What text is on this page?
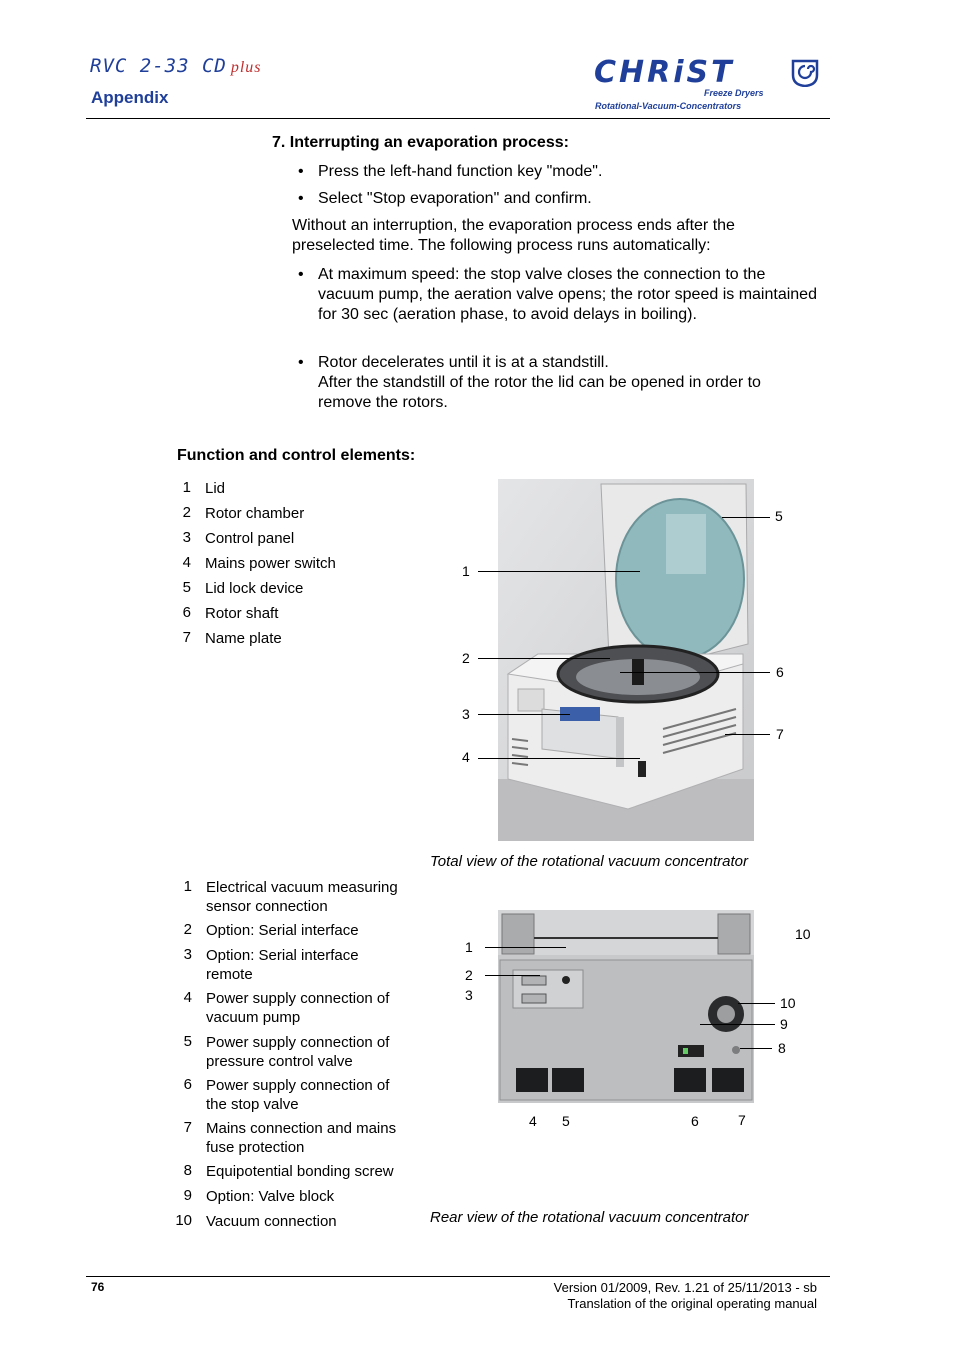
RVC 2-33 CD plus
Appendix
CHRiST
Freeze Dryers
Rotational-Vacuum-Concentrators
7. Interrupting an evaporation process:
• Press the left-hand function key "mode".
• Select "Stop evaporation" and confirm.
Without an interruption, the evaporation process ends after the preselected time. The following process runs automatically:
• At maximum speed: the stop valve closes the connection to the vacuum pump, the aeration valve opens; the rotor speed is maintained for 30 sec (aeration phase, to avoid delays in boiling).
• Rotor decelerates until it is at a standstill.
After the standstill of the rotor the lid can be opened in order to remove the rotors.
Function and control elements:
1 Lid
2 Rotor chamber
3 Control panel
4 Mains power switch
5 Lid lock device
6 Rotor shaft
7 Name plate
1
2
3
4
5
6
7
Total view of the rotational vacuum concentrator
1 Electrical vacuum measuring
sensor connection
2 Option: Serial interface
3 Option: Serial interface
remote
4 Power supply connection of
vacuum pump
5 Power supply connection of
pressure control valve
6 Power supply connection of
the stop valve
7 Mains connection and mains
fuse protection
8 Equipotential bonding screw
9 Option: Valve block
10 Vacuum connection
1
2
3
4 5	6	7
8
9
10
10
Rear view of the rotational vacuum concentrator
76	Version 01/2009, Rev. 1.21 of 25/11/2013 - sb
Translation of the original operating manual
